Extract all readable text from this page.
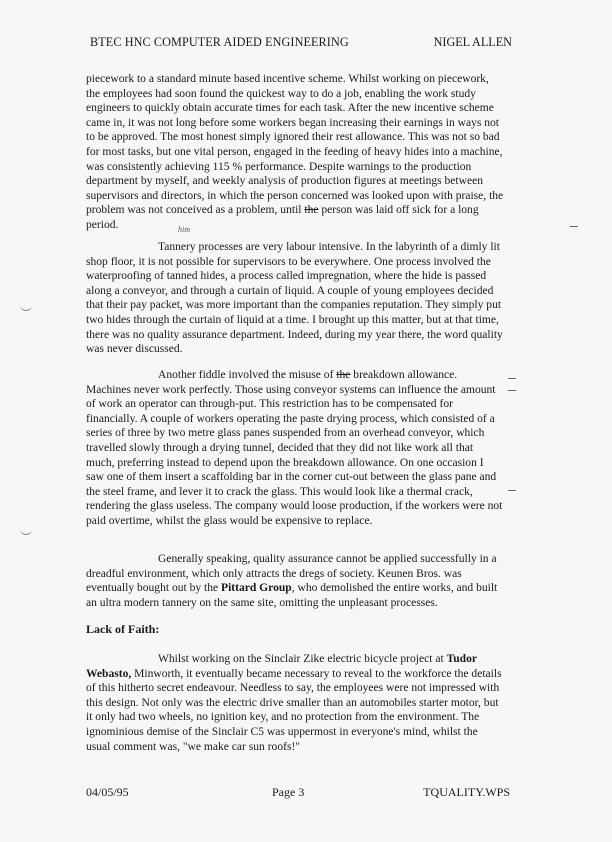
BTEC HNC COMPUTER AIDED ENGINEERING	NIGEL ALLEN

piecework to a standard minute based incentive scheme. Whilst working on piecework, the employees had soon found the quickest way to do a job, enabling the work study engineers to quickly obtain accurate times for each task. After the new incentive scheme came in, it was not long before some workers began increasing their earnings in ways not to be approved. The most honest simply ignored their rest allowance. This was not so bad for most tasks, but one vital person, engaged in the feeding of heavy hides into a machine, was consistently achieving 115 % performance. Despite warnings to the production department by myself, and weekly analysis of production figures at meetings between supervisors and directors, in which the person concerned was looked upon with praise, the problem was not conceived as a problem, until the person was laid off sick for a long period.	him

Tannery processes are very labour intensive. In the labyrinth of a dimly lit shop floor, it is not possible for supervisors to be everywhere. One process involved the waterproofing of tanned hides, a process called impregnation, where the hide is passed along a conveyor, and through a curtain of liquid. A couple of young employees decided that their pay packet, was more important than the companies reputation. They simply put two hides through the curtain of liquid at a time. I brought up this matter, but at that time, there was no quality assurance department. Indeed, during my year there, the word quality was never discussed.

Another fiddle involved the misuse of the breakdown allowance. Machines never work perfectly. Those using conveyor systems can influence the amount of work an operator can through-put. This restriction has to be compensated for financially. A couple of workers operating the paste drying process, which consisted of a series of three by two metre glass panes suspended from an overhead conveyor, which travelled slowly through a drying tunnel, decided that they did not like work all that much, preferring instead to depend upon the breakdown allowance. On one occasion I saw one of them insert a scaffolding bar in the corner cut-out between the glass pane and the steel frame, and lever it to crack the glass. This would look like a thermal crack, rendering the glass useless. The company would loose production, if the workers were not paid overtime, whilst the glass would be expensive to replace.

Generally speaking, quality assurance cannot be applied successfully in a dreadful environment, which only attracts the dregs of society. Keunen Bros. was eventually bought out by the Pittard Group, who demolished the entire works, and built an ultra modern tannery on the same site, omitting the unpleasant processes.

Lack of Faith:

Whilst working on the Sinclair Zike electric bicycle project at Tudor Webasto, Minworth, it eventually became necessary to reveal to the workforce the details of this hitherto secret endeavour. Needless to say, the employees were not impressed with this design. Not only was the electric drive smaller than an automobiles starter motor, but it only had two wheels, no ignition key, and no protection from the environment. The ignominious demise of the Sinclair C5 was uppermost in everyone's mind, whilst the usual comment was, "we make car sun roofs!"

04/05/95	Page 3	TQUALITY.WPS
